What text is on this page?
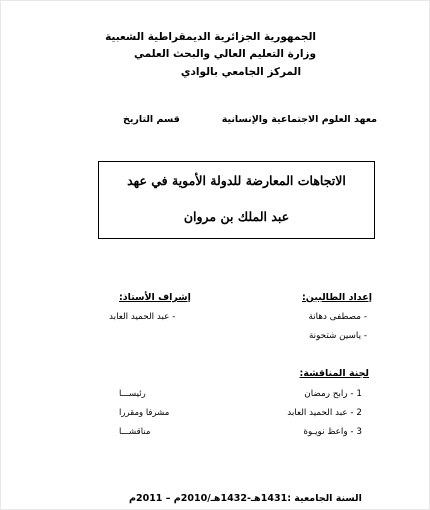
الجمهورية الجزائرية الديمقراطية الشعبية
وزارة التعليم العالي والبحث العلمي
المركز الجامعي بالوادي
معهد العلوم الاجتماعية والإنسانية
قسم التاريخ
الاتجاهات المعارضة للدولة الأموية في عهد
عبد الملك بن مروان
إعداد الطالبين:
- مصطفى دهانة
- ياسين شتحونة
إشراف الأستاذ:
- عبد الحميد العابد
لجنة المناقشة:
1 - رابح رمضان
رئيســـا
2 - عبد الحميد العابد
مشرفا ومقررا
3 - واعظ نويـوة
مناقشـــا
السنة الجامعية :1431هـ-1432هـ/2010م – 2011م
